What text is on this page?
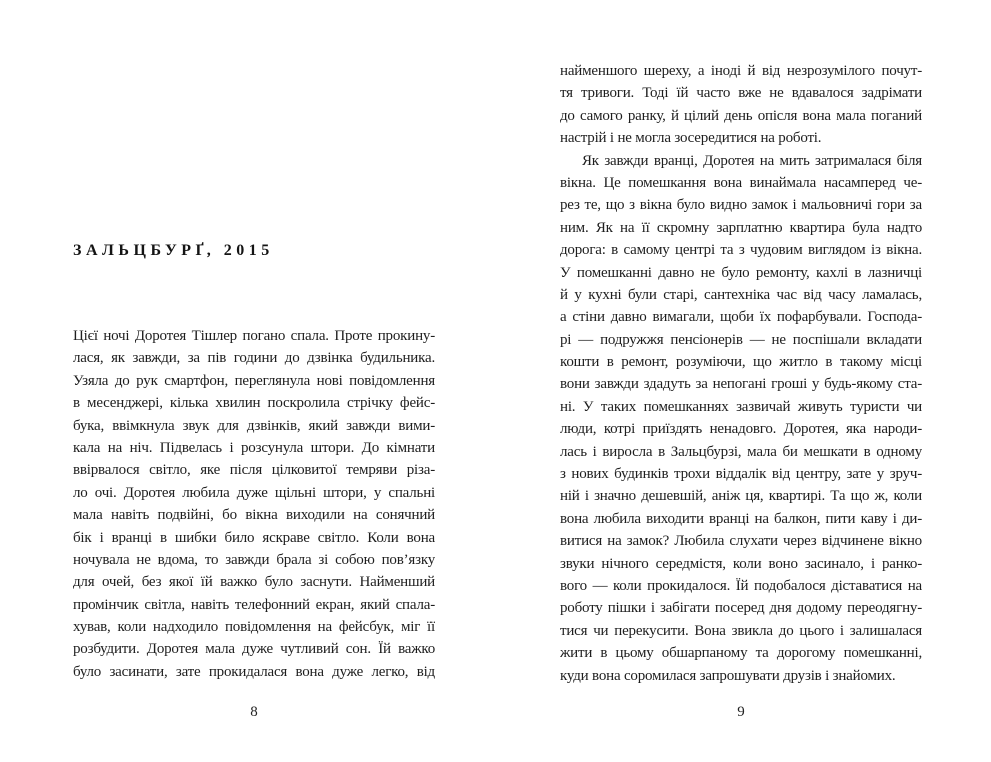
ЗАЛЬЦБУРҐ, 2015
Цієї ночі Доротея Тішлер погано спала. Проте прокину-
лася, як завжди, за пів години до дзвінка будильника.
Узяла до рук смартфон, переглянула нові повідомлення
в месенджері, кілька хвилин поскролила стрічку фейс-
бука, ввімкнула звук для дзвінків, який завжди вими-
кала на ніч. Підвелась і розсунула штори. До кімнати
ввірвалося світло, яке після цілковитої темряви різа-
ло очі. Доротея любила дуже щільні штори, у спальні
мала навіть подвійні, бо вікна виходили на сонячний
бік і вранці в шибки било яскраве світло. Коли вона
ночувала не вдома, то завжди брала зі собою пов’язку
для очей, без якої їй важко було заснути. Найменший
промінчик світла, навіть телефонний екран, який спала-
хував, коли надходило повідомлення на фейсбук, міг її
розбудити. Доротея мала дуже чутливий сон. Їй важко
було засинати, зате прокидалася вона дуже легко, від
8
найменшого шереху, а іноді й від незрозумілого почут-
тя тривоги. Тоді їй часто вже не вдавалося задрімати
до самого ранку, й цілий день опісля вона мала поганий
настрій і не могла зосередитися на роботі.
Як завжди вранці, Доротея на мить затрималася біля
вікна. Це помешкання вона винаймала насамперед че-
рез те, що з вікна було видно замок і мальовничі гори за
ним. Як на її скромну зарплатню квартира була надто
дорога: в самому центрі та з чудовим виглядом із вікна.
У помешканні давно не було ремонту, кахлі в лазничці
й у кухні були старі, сантехніка час від часу ламалась,
а стіни давно вимагали, щоби їх пофарбували. Господа-
рі — подружжя пенсіонерів — не поспішали вкладати
кошти в ремонт, розуміючи, що житло в такому місці
вони завжди здадуть за непогані гроші у будь-якому ста-
ні. У таких помешканнях зазвичай живуть туристи чи
люди, котрі приїздять ненадовго. Доротея, яка народи-
лась і виросла в Зальцбурзі, мала би мешкати в одному
з нових будинків трохи віддалік від центру, зате у зруч-
ній і значно дешевшій, аніж ця, квартирі. Та що ж, коли
вона любила виходити вранці на балкон, пити каву і ди-
витися на замок? Любила слухати через відчинене вікно
звуки нічного середмістя, коли воно засинало, і ранко-
вого — коли прокидалося. Їй подобалося діставатися на
роботу пішки і забігати посеред дня додому переодягну-
тися чи перекусити. Вона звикла до цього і залишалася
жити в цьому обшарпаному та дорогому помешканні,
куди вона соромилася запрошувати друзів і знайомих.
9
